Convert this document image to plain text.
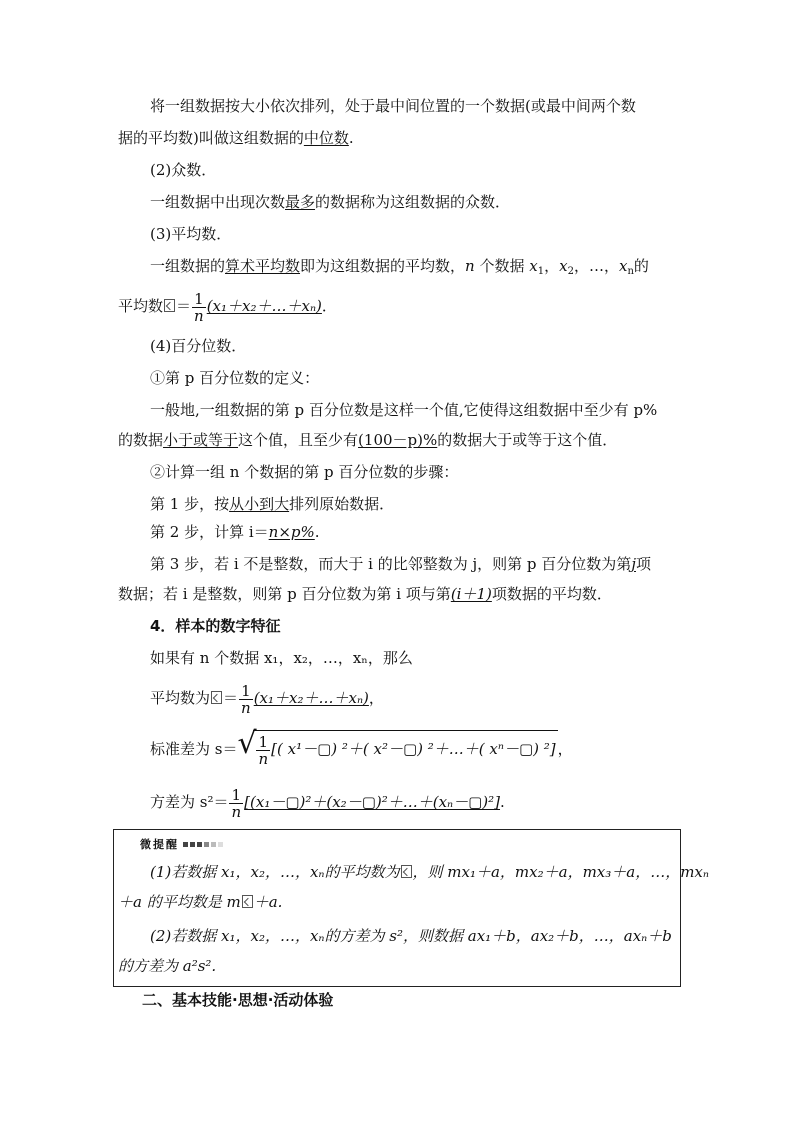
将一组数据按大小依次排列，处于最中间位置的一个数据(或最中间两个数
据的平均数)叫做这组数据的中位数.
(2)众数．
一组数据中出现次数最多的数据称为这组数据的众数．
(3)平均数．
一组数据的算术平均数即为这组数据的平均数，n 个数据 $x_1$，$x_2$，…，$x_n$的
平均数 ＝ $\frac{1}{n}$ (x₁＋x₂＋…＋xₙ)．
(4)百分位数．
①第 p 百分位数的定义：
一般地,一组数据的第 p 百分位数是这样一个值,它使得这组数据中至少有 p%
的数据小于或等于这个值，且至少有(100－p)%的数据大于或等于这个值．
②计算一组 n 个数据的第 p 百分位数的步骤：
第 1 步，按从小到大排列原始数据．
第 2 步，计算 i＝n×p%.
第 3 步，若 i 不是整数，而大于 i 的比邻整数为 j，则第 p 百分位数为第j项
数据；若 i 是整数，则第 p 百分位数为第 i 项与第(i＋1)项数据的平均数．
4．样本的数字特征
如果有 n 个数据 x₁，x₂，…，xₙ，那么
平均数为 ＝ $\frac{1}{n}$ (x₁＋x₂＋…＋xₙ)，
标准差为 s＝ √ $\frac{1}{n}$ [( x¹－▢) ²＋( x²－▢) ²＋…＋( xⁿ－▢) ²] ，
方差为 $s^2= \frac{1}{n}$ [(x₁－▢)²＋(x₂－▢)²＋…＋(xₙ－▢)²].
微提醒
(1)若数据 x₁，x₂，…，xₙ的平均数为 ，则 mx₁＋a，mx₂＋a，mx₃＋a，…，mxₙ
＋a 的平均数是 m ＋a.
(2)若数据 x₁，x₂，…，xₙ的方差为 s²，则数据 ax₁＋b，ax₂＋b，…，axₙ＋b
的方差为 a²s².
二、基本技能·思想·活动体验
